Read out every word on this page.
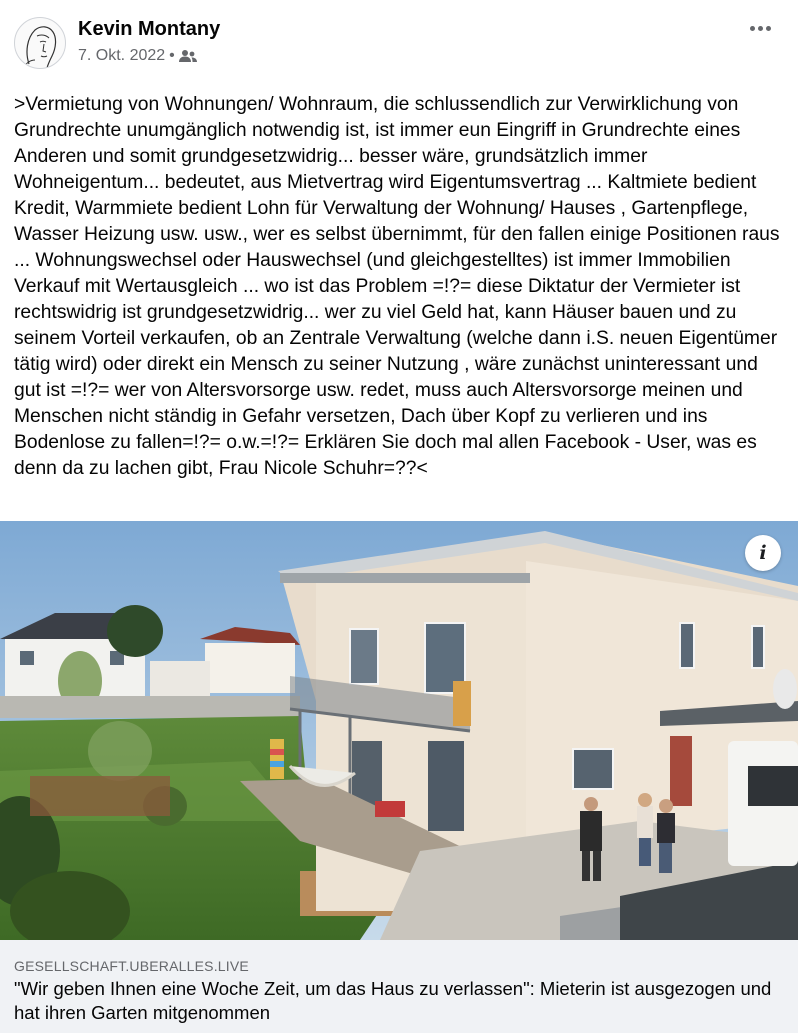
Kevin Montany
7. Okt. 2022 •
>Vermietung von Wohnungen/ Wohnraum, die schlussendlich zur Verwirklichung von Grundrechte unumgänglich notwendig ist, ist immer eun Eingriff in Grundrechte eines Anderen und somit grundgesetzwidrig... besser wäre, grundsätzlich immer Wohneigentum... bedeutet, aus Mietvertrag wird Eigentumsvertrag ... Kaltmiete bedient Kredit, Warmmiete bedient Lohn für Verwaltung der Wohnung/ Hauses , Gartenpflege, Wasser Heizung usw. usw., wer es selbst übernimmt, für den fallen einige Positionen raus ... Wohnungswechsel oder Hauswechsel (und gleichgestelltes) ist immer Immobilien Verkauf mit Wertausgleich ... wo ist das Problem =!?= diese Diktatur der Vermieter ist rechtswidrig ist grundgesetzwidrig... wer zu viel Geld hat, kann Häuser bauen und zu seinem Vorteil verkaufen, ob an Zentrale Verwaltung (welche dann i.S. neuen Eigentümer tätig wird) oder direkt ein Mensch zu seiner Nutzung , wäre zunächst uninteressant und gut ist =!?= wer von Altersvorsorge usw. redet, muss auch Altersvorsorge meinen und Menschen nicht ständig in Gefahr versetzen, Dach über Kopf zu verlieren und ins Bodenlose zu fallen=!?= o.w.=!?= Erklären Sie doch mal allen Facebook - User, was es denn da zu lachen gibt, Frau Nicole Schuhr=??<
i
GESELLSCHAFT.UBERALLES.LIVE
"Wir geben Ihnen eine Woche Zeit, um das Haus zu verlassen": Mieterin ist ausgezogen und hat ihren Garten mitgenommen
